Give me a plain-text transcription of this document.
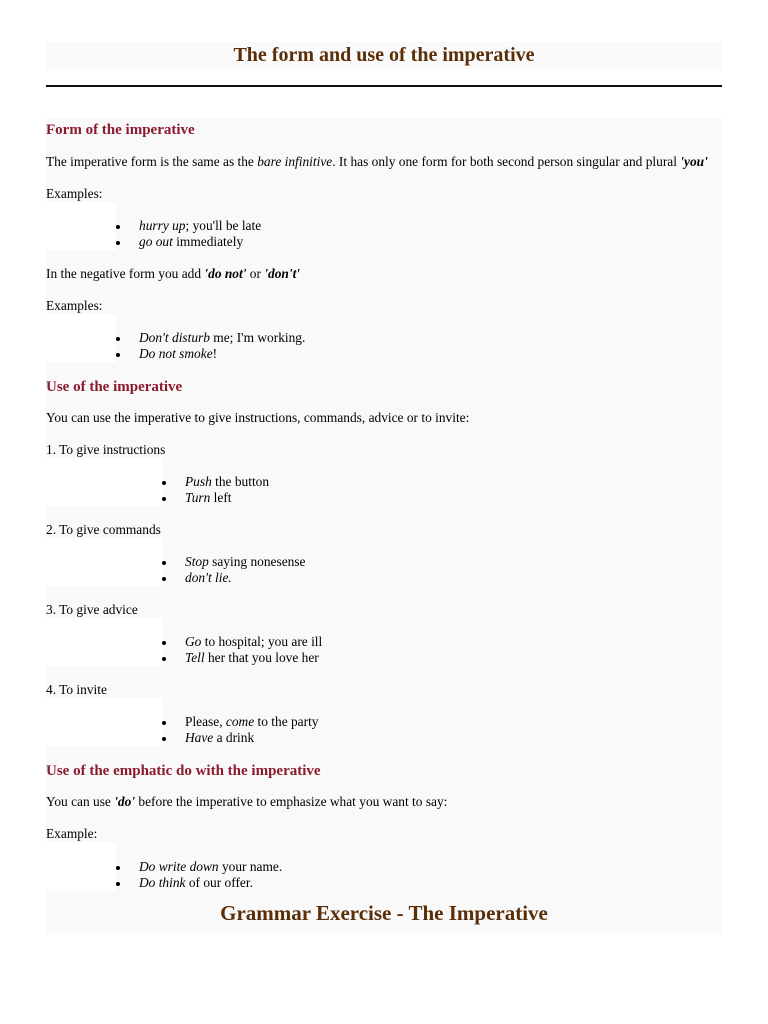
The form and use of the imperative
Form of the imperative

The imperative form is the same as the bare infinitive. It has only one form for both second person singular and plural 'you'

Examples:

hurry up; you'll be late
go out immediately

In the negative form you add 'do not' or 'don't'

Examples:

Don't disturb me; I'm working.
Do not smoke!
Use of the imperative

You can use the imperative to give instructions, commands, advice or to invite:

1. To give instructions

Push the button
Turn left

2. To give commands

Stop saying nonesense
don't lie.

3. To give advice

Go to hospital; you are ill
Tell her that you love her

4. To invite

Please, come to the party
Have a drink
Use of the emphatic do with the imperative

You can use 'do' before the imperative to emphasize what you want to say:

Example:

Do write down your name.
Do think of our offer.
Grammar Exercise - The Imperative
